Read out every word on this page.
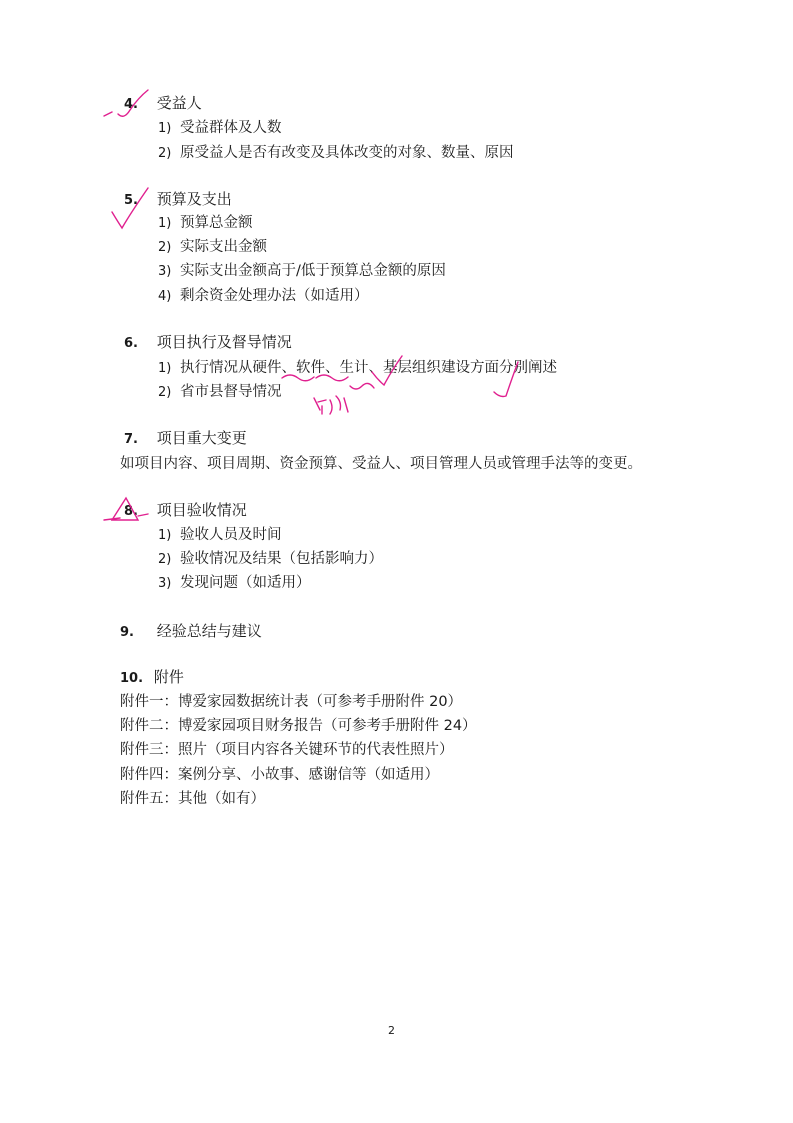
4. 受益人
1) 受益群体及人数
2) 原受益人是否有改变及具体改变的对象、数量、原因
5. 预算及支出
1) 预算总金额
2) 实际支出金额
3) 实际支出金额高于/低于预算总金额的原因
4) 剩余资金处理办法（如适用）
6. 项目执行及督导情况
1) 执行情况从硬件、软件、生计、基层组织建设方面分别阐述
2) 省市县督导情况
7. 项目重大变更
如项目内容、项目周期、资金预算、受益人、项目管理人员或管理手法等的变更。
8. 项目验收情况
1) 验收人员及时间
2) 验收情况及结果（包括影响力）
3) 发现问题（如适用）
9. 经验总结与建议
10. 附件
附件一：博爱家园数据统计表（可参考手册附件 20）
附件二：博爱家园项目财务报告（可参考手册附件 24）
附件三：照片（项目内容各关键环节的代表性照片）
附件四：案例分享、小故事、感谢信等（如适用）
附件五：其他（如有）
2
